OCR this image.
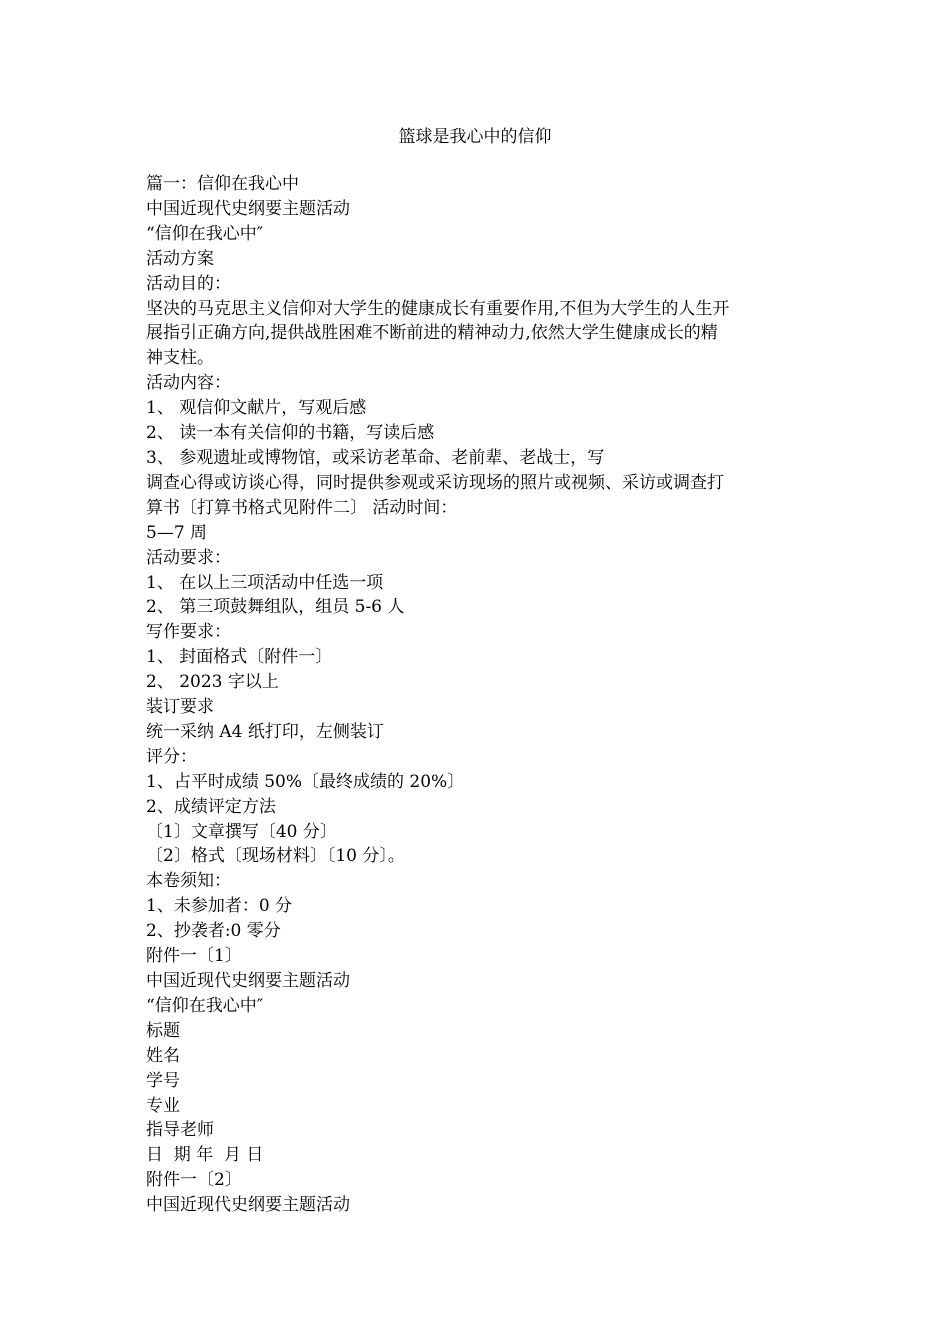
篮球是我心中的信仰
篇一：信仰在我心中
中国近现代史纲要主题活动
“信仰在我心中″
活动方案
活动目的：
坚决的马克思主义信仰对大学生的健康成长有重要作用,不但为大学生的人生开
展指引正确方向,提供战胜困难不断前进的精神动力,依然大学生健康成长的精
神支柱。
活动内容：
1、 观信仰文献片，写观后感
2、 读一本有关信仰的书籍，写读后感
3、 参观遗址或博物馆，或采访老革命、老前辈、老战士，写
调查心得或访谈心得，同时提供参观或采访现场的照片或视频、采访或调查打
算书〔打算书格式见附件二〕 活动时间：
5—7 周
活动要求：
1、 在以上三项活动中任选一项
2、 第三项鼓舞组队，组员 5-6 人
写作要求：
1、 封面格式〔附件一〕
2、 2023 字以上
装订要求
统一采纳 A4 纸打印，左侧装订
评分：
1、占平时成绩 50%〔最终成绩的 20%〕
2、成绩评定方法
〔1〕文章撰写〔40 分〕
〔2〕格式〔现场材料〕〔10 分〕。
本卷须知：
1、未参加者：0 分
2、抄袭者:0 零分
附件一〔1〕
中国近现代史纲要主题活动
“信仰在我心中″
标题
姓名
学号
专业
指导老师
日  期 年  月 日
附件一〔2〕
中国近现代史纲要主题活动
